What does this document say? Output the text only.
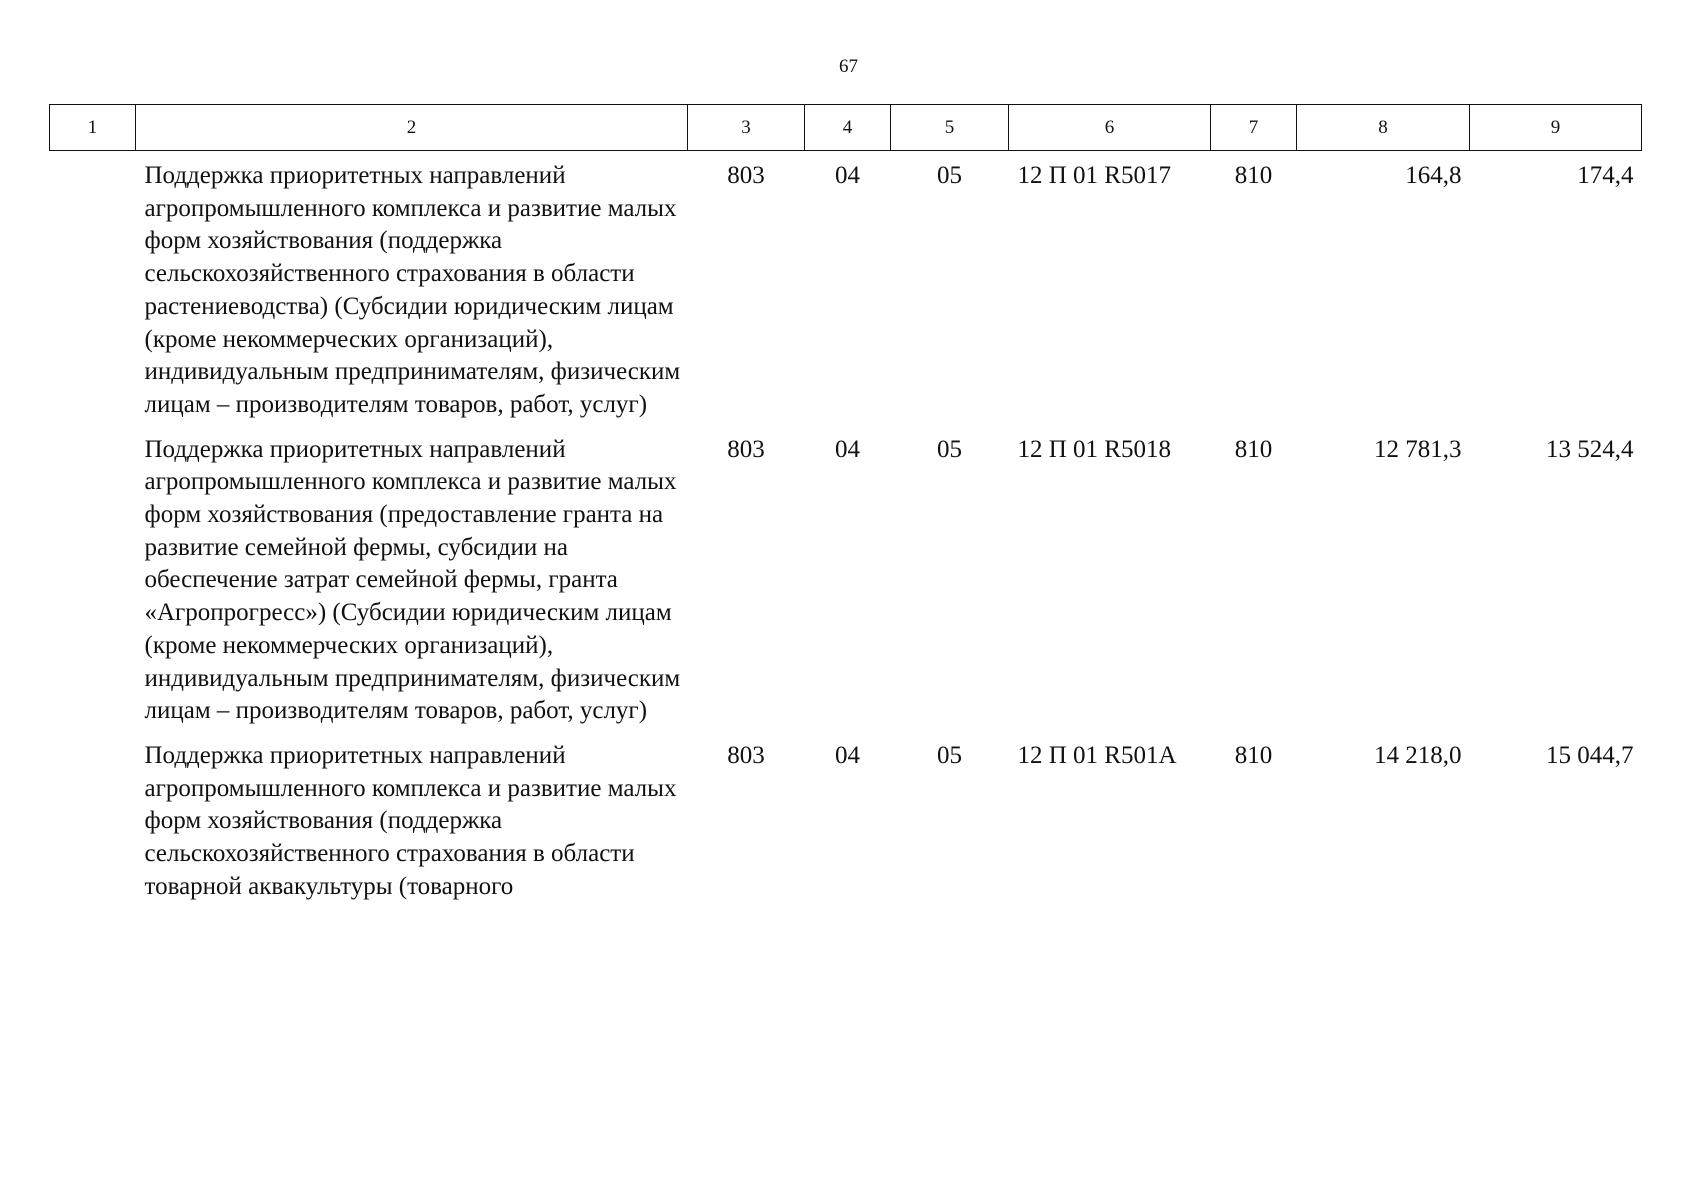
67
1	2	3	4	5	6	7	8	9
	Поддержка приоритетных направлений агропромышленного комплекса и развитие малых форм хозяйствования (поддержка сельскохозяйственного страхования в области растениеводства) (Субсидии юридическим лицам (кроме некоммерческих организаций), индивидуальным предпринимателям, физическим лицам – производителям товаров, работ, услуг)	803	04	05	12 П 01 R5017	810	164,8	174,4
	Поддержка приоритетных направлений агропромышленного комплекса и развитие малых форм хозяйствования (предоставление гранта на развитие семейной фермы, субсидии на обеспечение затрат семейной фермы, гранта «Агропрогресс») (Субсидии юридическим лицам (кроме некоммерческих организаций), индивидуальным предпринимателям, физическим лицам – производителям товаров, работ, услуг)	803	04	05	12 П 01 R5018	810	12 781,3	13 524,4
	Поддержка приоритетных направлений агропромышленного комплекса и развитие малых форм хозяйствования (поддержка сельскохозяйственного страхования в области товарной аквакультуры (товарного	803	04	05	12 П 01 R501A	810	14 218,0	15 044,7
